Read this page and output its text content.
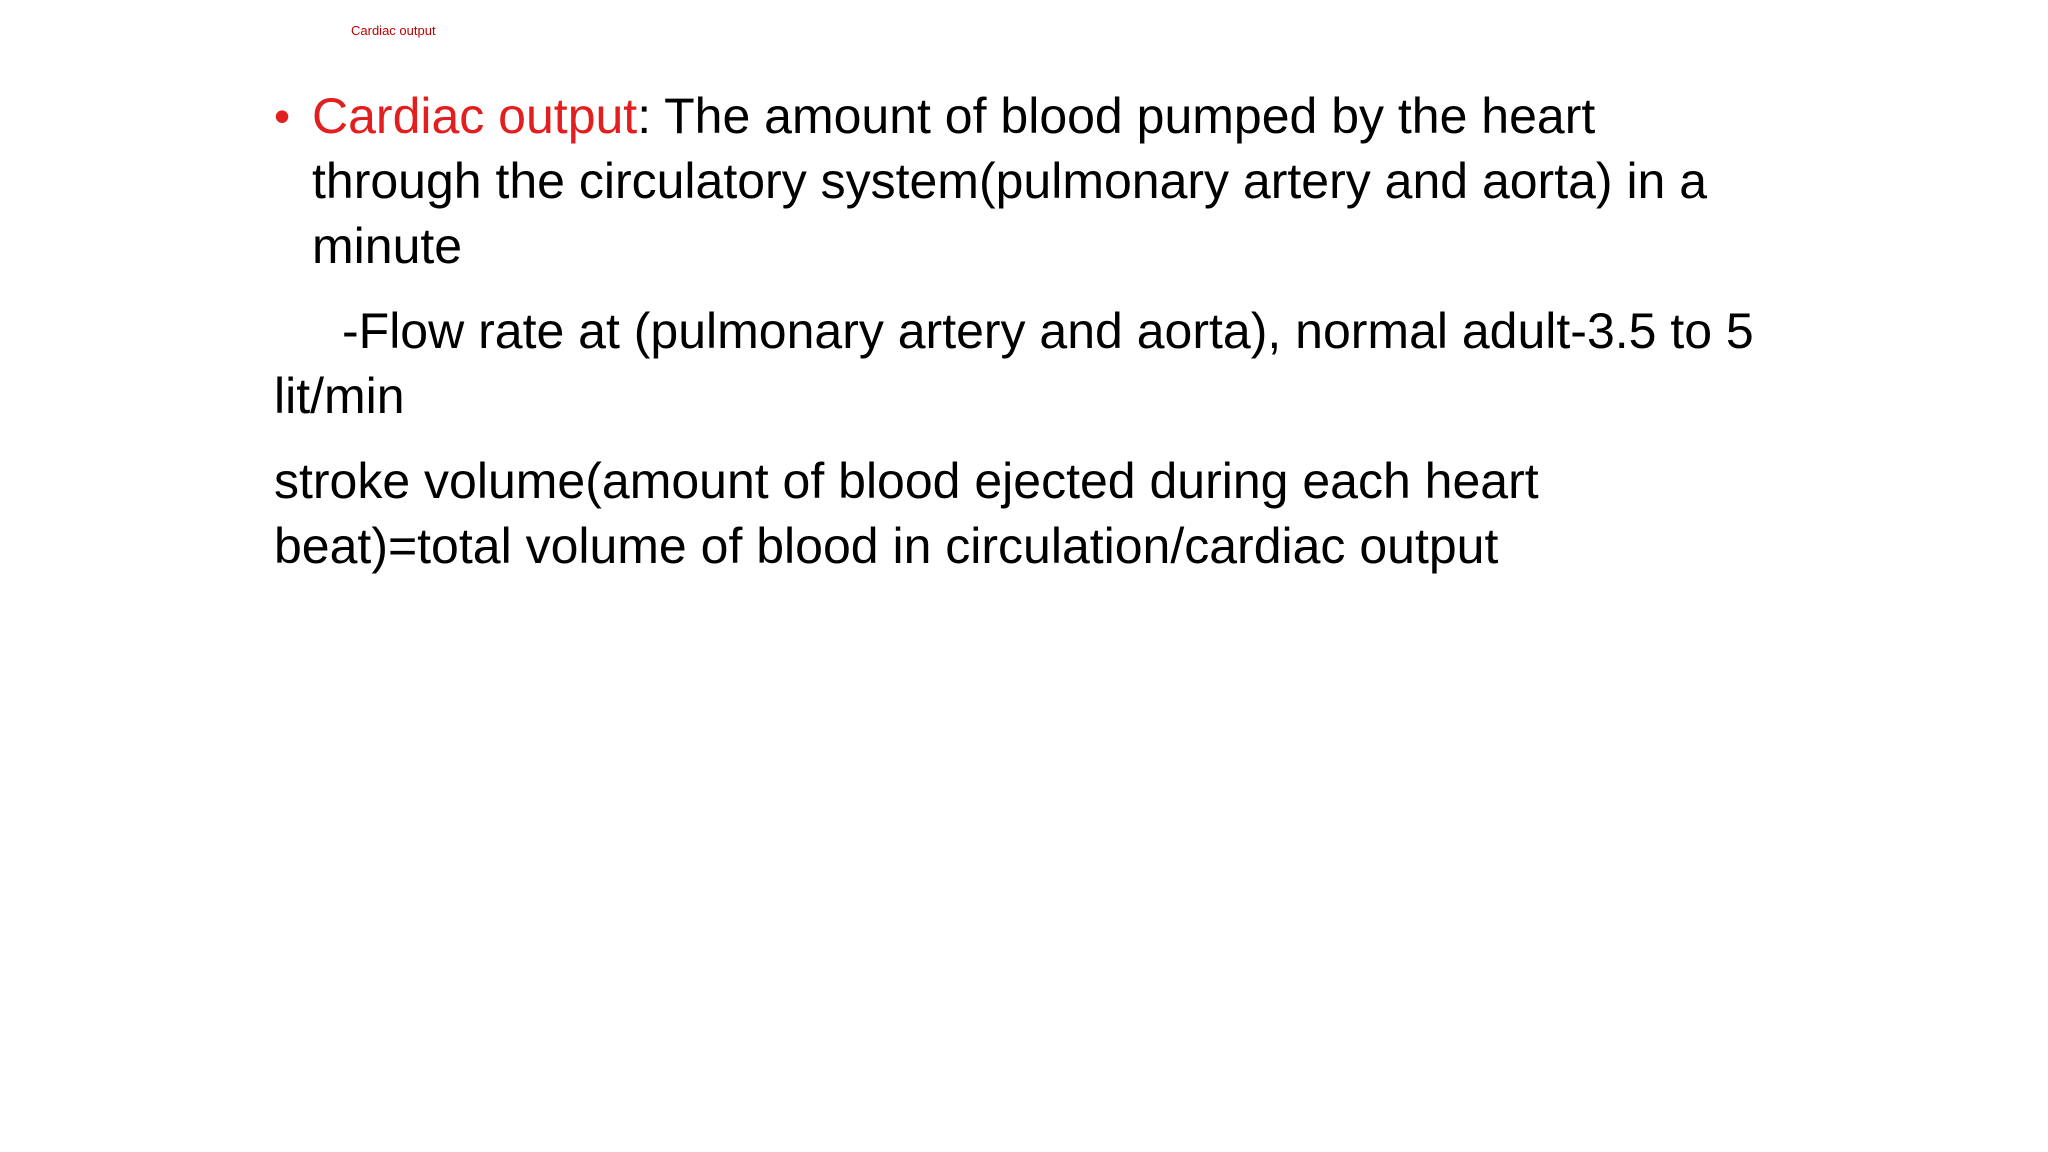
Cardiac output
• Cardiac output: The amount of blood pumped by the heart through the circulatory system(pulmonary artery and aorta) in a minute
-Flow rate at (pulmonary artery and aorta), normal adult-3.5 to 5 lit/min
stroke volume(amount of blood ejected during each heart beat)=total volume of blood in circulation/cardiac output
